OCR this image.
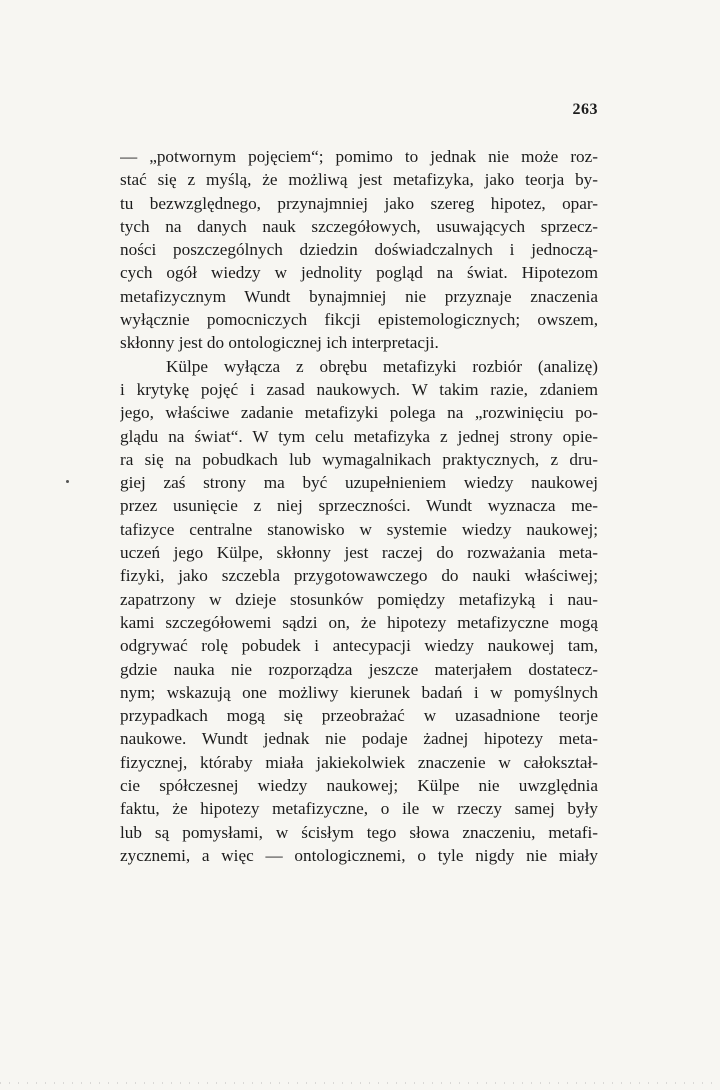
263
— „potwornym pojęciem“; pomimo to jednak nie może roz-
stać się z myślą, że możliwą jest metafizyka, jako teorja by-
tu bezwzględnego, przynajmniej jako szereg hipotez, opar-
tych na danych nauk szczegółowych, usuwających sprzecz-
ności poszczególnych dziedzin doświadczalnych i jednoczą-
cych ogół wiedzy w jednolity pogląd na świat. Hipotezom
metafizycznym Wundt bynajmniej nie przyznaje znaczenia
wyłącznie pomocniczych fikcji epistemologicznych; owszem,
skłonny jest do ontologicznej ich interpretacji.
Külpe wyłącza z obrębu metafizyki rozbiór (analizę)
i krytykę pojęć i zasad naukowych. W takim razie, zdaniem
jego, właściwe zadanie metafizyki polega na „rozwinięciu po-
glądu na świat“. W tym celu metafizyka z jednej strony opie-
ra się na pobudkach lub wymagalnikach praktycznych, z dru-
giej zaś strony ma być uzupełnieniem wiedzy naukowej
przez usunięcie z niej sprzeczności. Wundt wyznacza me-
tafizyce centralne stanowisko w systemie wiedzy naukowej;
uczeń jego Külpe, skłonny jest raczej do rozważania meta-
fizyki, jako szczebla przygotowawczego do nauki właściwej;
zapatrzony w dzieje stosunków pomiędzy metafizyką i nau-
kami szczegółowemi sądzi on, że hipotezy metafizyczne mogą
odgrywać rolę pobudek i antecypacji wiedzy naukowej tam,
gdzie nauka nie rozporządza jeszcze materjałem dostatecz-
nym; wskazują one możliwy kierunek badań i w pomyślnych
przypadkach mogą się przeobrażać w uzasadnione teorje
naukowe. Wundt jednak nie podaje żadnej hipotezy meta-
fizycznej, któraby miała jakiekolwiek znaczenie w całokształ-
cie spółczesnej wiedzy naukowej; Külpe nie uwzględnia
faktu, że hipotezy metafizyczne, o ile w rzeczy samej były
lub są pomysłami, w ścisłym tego słowa znaczeniu, metafi-
zycznemi, a więc — ontologicznemi, o tyle nigdy nie miały
